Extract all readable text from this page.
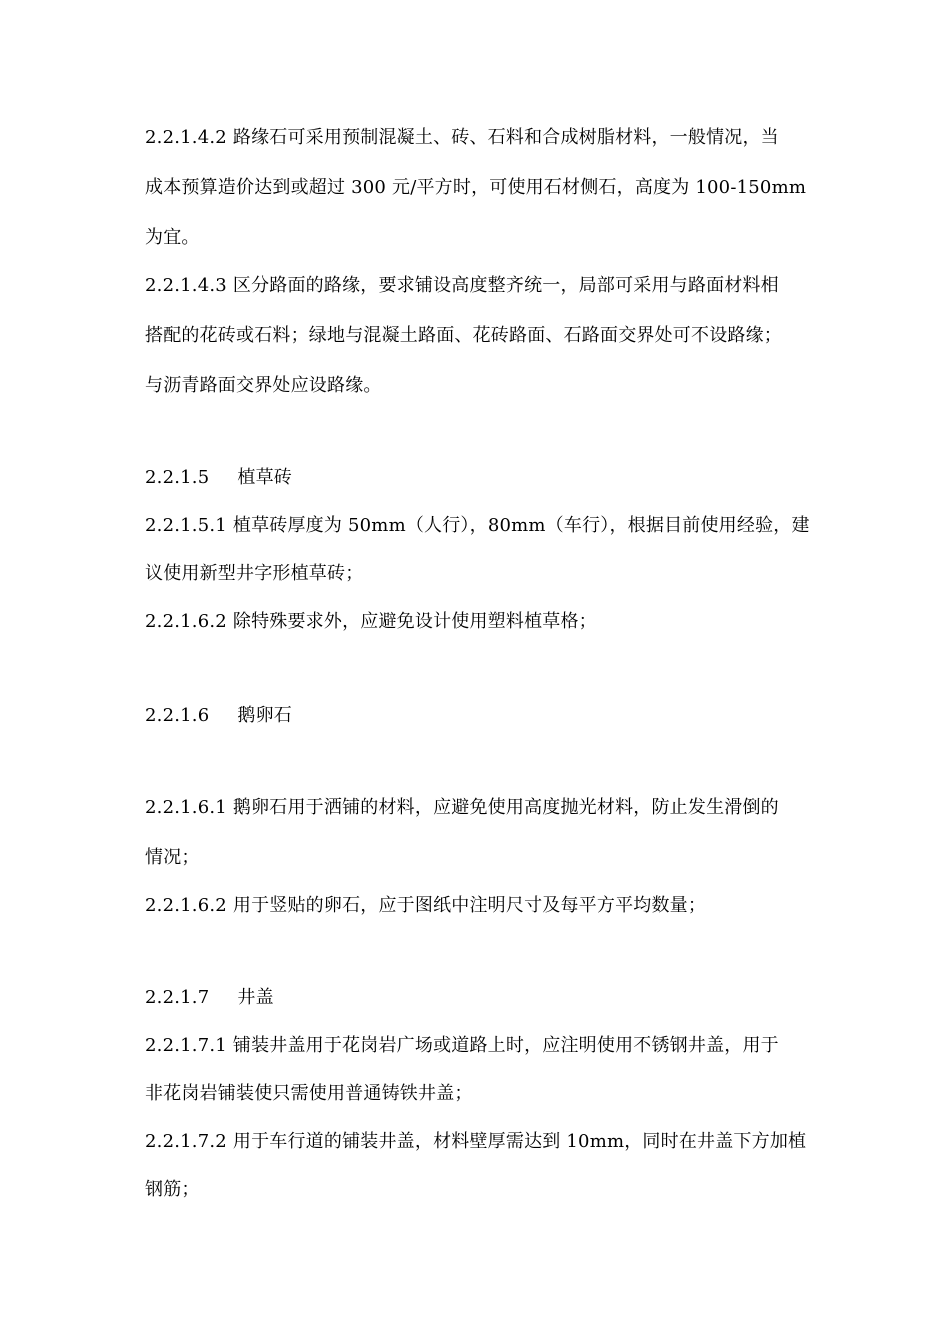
2.2.1.4.2 路缘石可采用预制混凝土、砖、石料和合成树脂材料，一般情况，当
成本预算造价达到或超过 300 元/平方时，可使用石材侧石，高度为 100-150mm
为宜。
2.2.1.4.3 区分路面的路缘，要求铺设高度整齐统一，局部可采用与路面材料相
搭配的花砖或石料；绿地与混凝土路面、花砖路面、石路面交界处可不设路缘；
与沥青路面交界处应设路缘。
2.2.1.5 植草砖
2.2.1.5.1 植草砖厚度为 50mm（人行），80mm（车行），根据目前使用经验，建
议使用新型井字形植草砖；
2.2.1.6.2 除特殊要求外，应避免设计使用塑料植草格；
2.2.1.6 鹅卵石
2.2.1.6.1 鹅卵石用于洒铺的材料，应避免使用高度抛光材料，防止发生滑倒的
情况；
2.2.1.6.2 用于竖贴的卵石，应于图纸中注明尺寸及每平方平均数量；
2.2.1.7 井盖
2.2.1.7.1 铺装井盖用于花岗岩广场或道路上时，应注明使用不锈钢井盖，用于
非花岗岩铺装使只需使用普通铸铁井盖；
2.2.1.7.2 用于车行道的铺装井盖，材料壁厚需达到 10mm，同时在井盖下方加植
钢筋；
